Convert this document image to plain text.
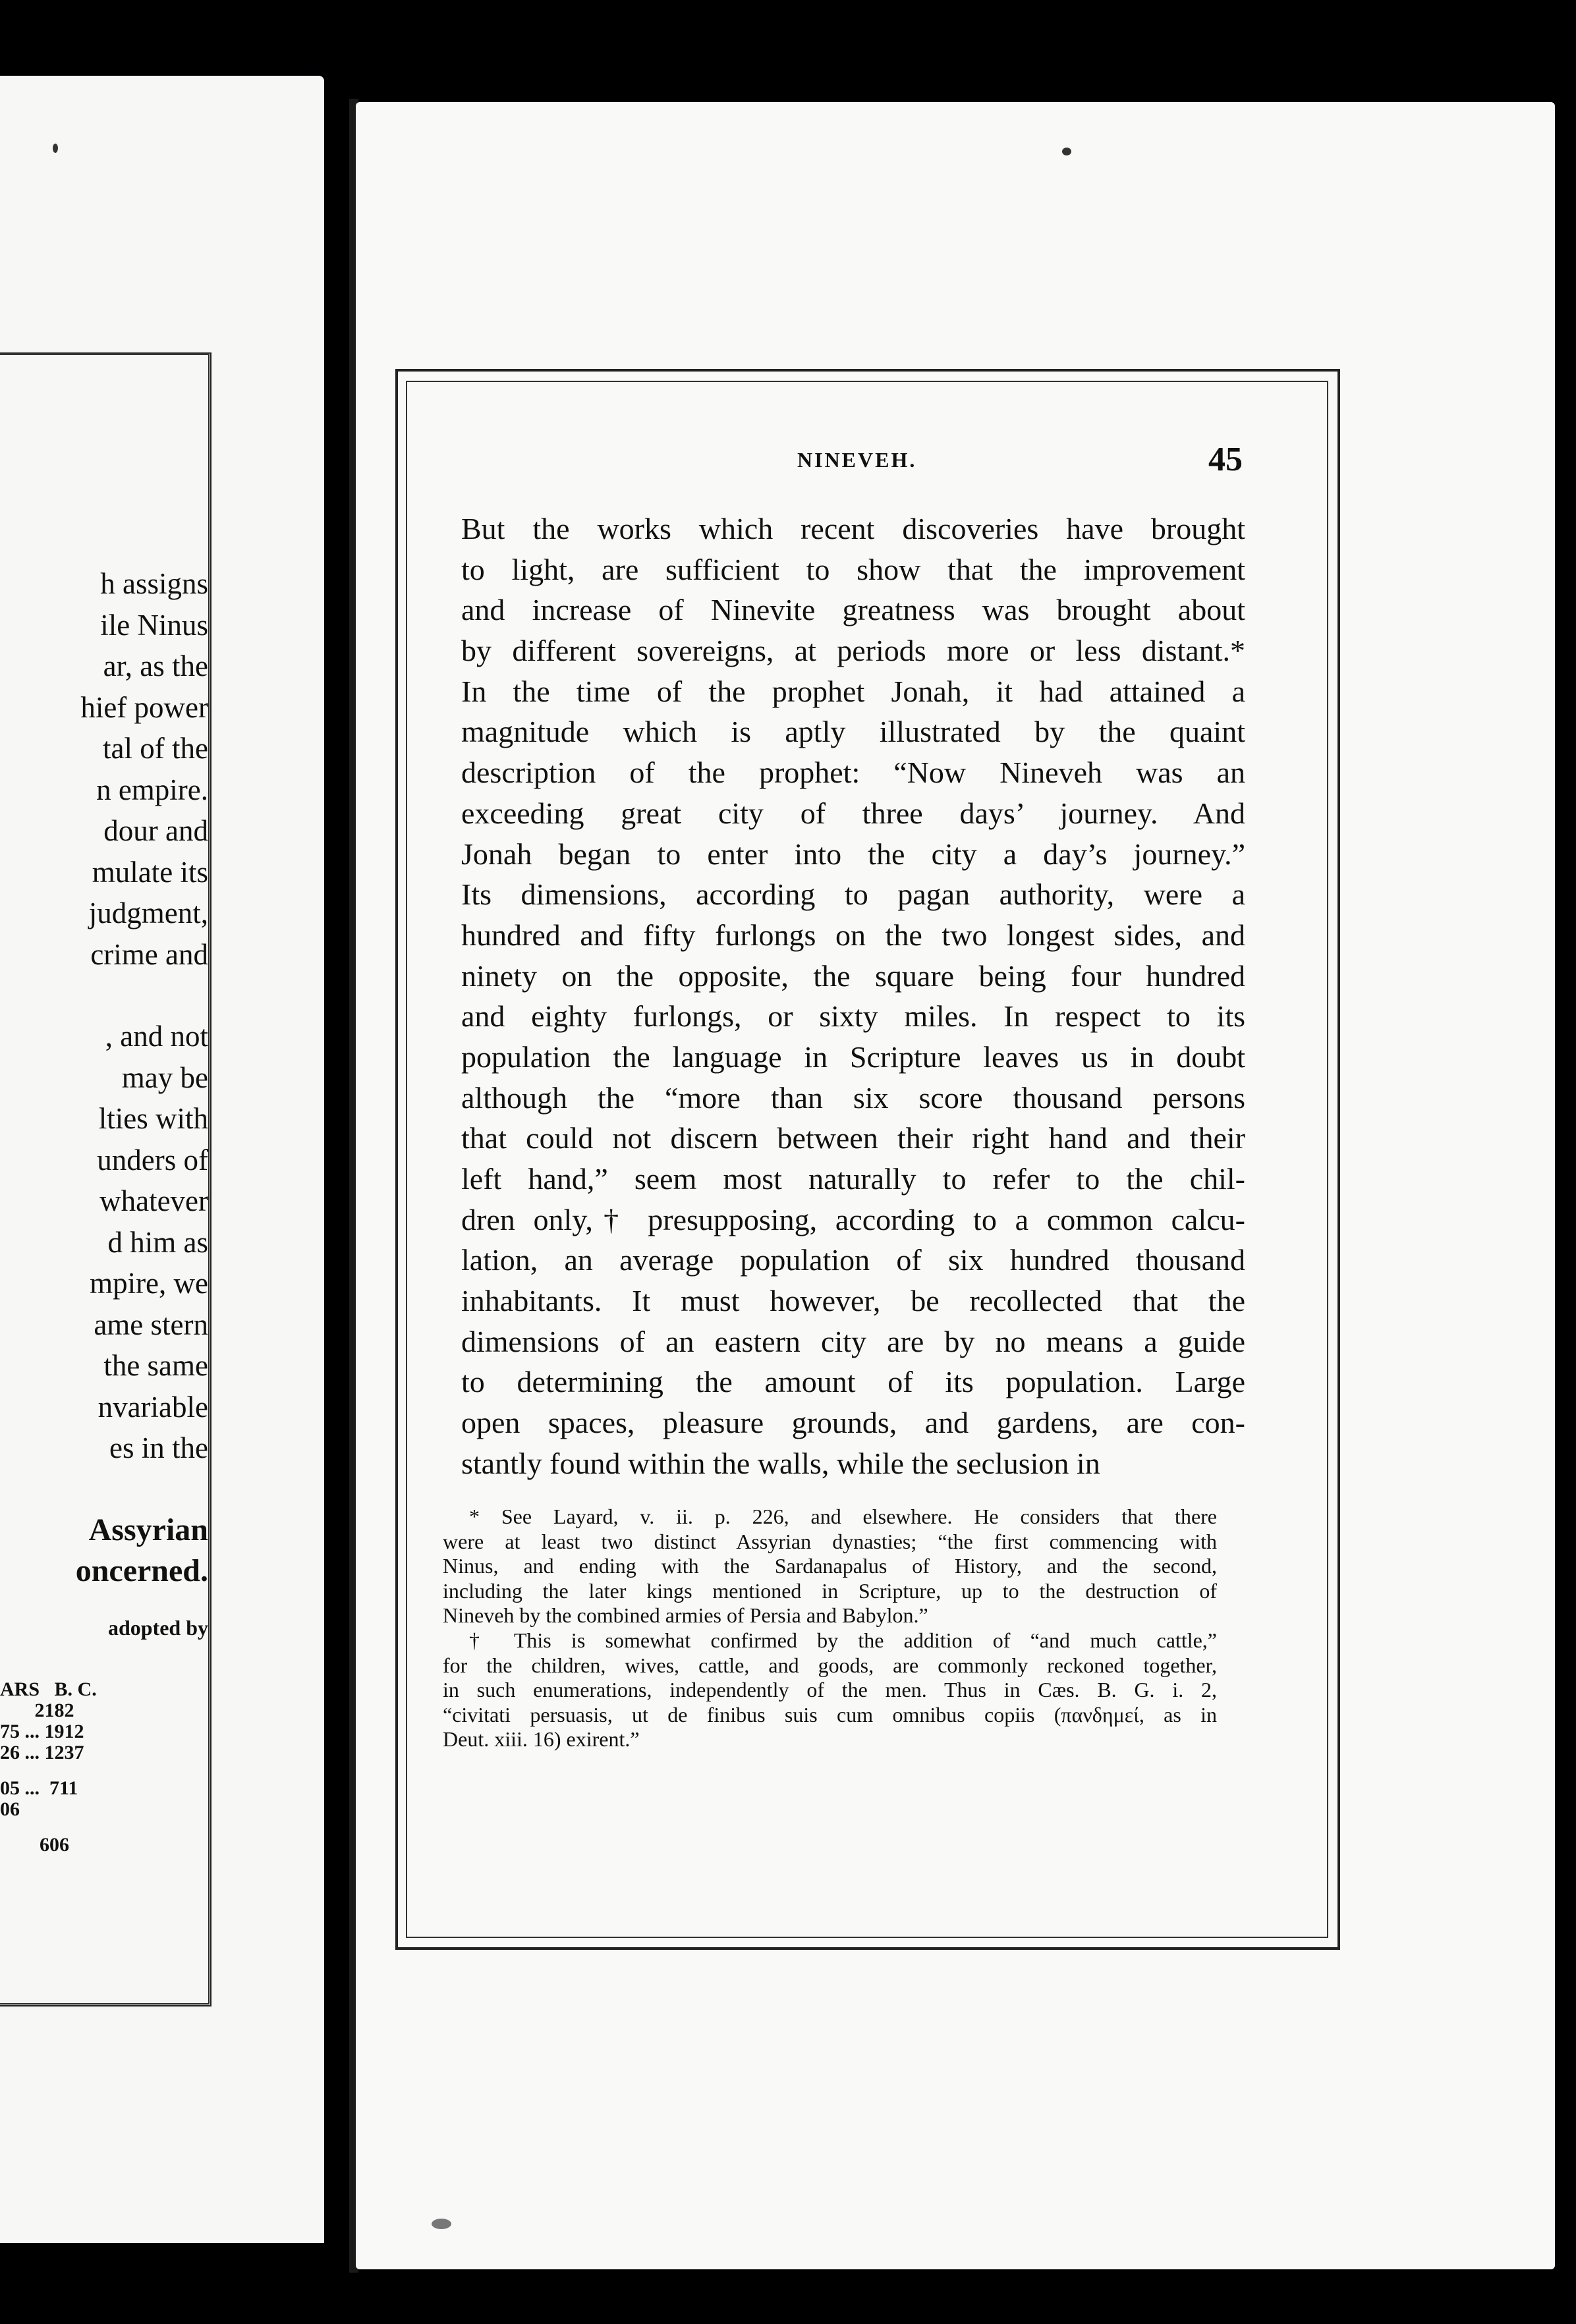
h assigns
ile Ninus
ar, as the
hief power
tal of the
n empire.
dour and
mulate its
judgment,
crime and
, and not
may be
lties with
unders of
whatever
d him as
mpire, we
ame stern
the same
nvariable
es in the
Assyrian
oncerned.
adopted by
ARS   B. C.
2182
75 ... 1912
26 ... 1237
05 ...  711
06
606
NINEVEH.	45
But the works which recent discoveries have brought
to light, are sufficient to show that the improvement
and increase of Ninevite greatness was brought about
by different sovereigns, at periods more or less distant.*
In the time of the prophet Jonah, it had attained a
magnitude which is aptly illustrated by the quaint
description of the prophet: “Now Nineveh was an
exceeding great city of three days’ journey. And
Jonah began to enter into the city a day’s journey.”
Its dimensions, according to pagan authority, were a
hundred and fifty furlongs on the two longest sides, and
ninety on the opposite, the square being four hundred
and eighty furlongs, or sixty miles. In respect to its
population the language in Scripture leaves us in doubt
although the “more than six score thousand persons
that could not discern between their right hand and their
left hand,” seem most naturally to refer to the chil-
dren only,† presupposing, according to a common calcu-
lation, an average population of six hundred thousand
inhabitants. It must however, be recollected that the
dimensions of an eastern city are by no means a guide
to determining the amount of its population. Large
open spaces, pleasure grounds, and gardens, are con-
stantly found within the walls, while the seclusion in
* See Layard, v. ii. p. 226, and elsewhere. He considers that there
were at least two distinct Assyrian dynasties; “the first commencing with
Ninus, and ending with the Sardanapalus of History, and the second,
including the later kings mentioned in Scripture, up to the destruction of
Nineveh by the combined armies of Persia and Babylon.”
† This is somewhat confirmed by the addition of “and much cattle,”
for the children, wives, cattle, and goods, are commonly reckoned together,
in such enumerations, independently of the men. Thus in Cæs. B. G. i. 2,
“civitati persuasis, ut de finibus suis cum omnibus copiis (πανδημεί, as in
Deut. xiii. 16) exirent.”
